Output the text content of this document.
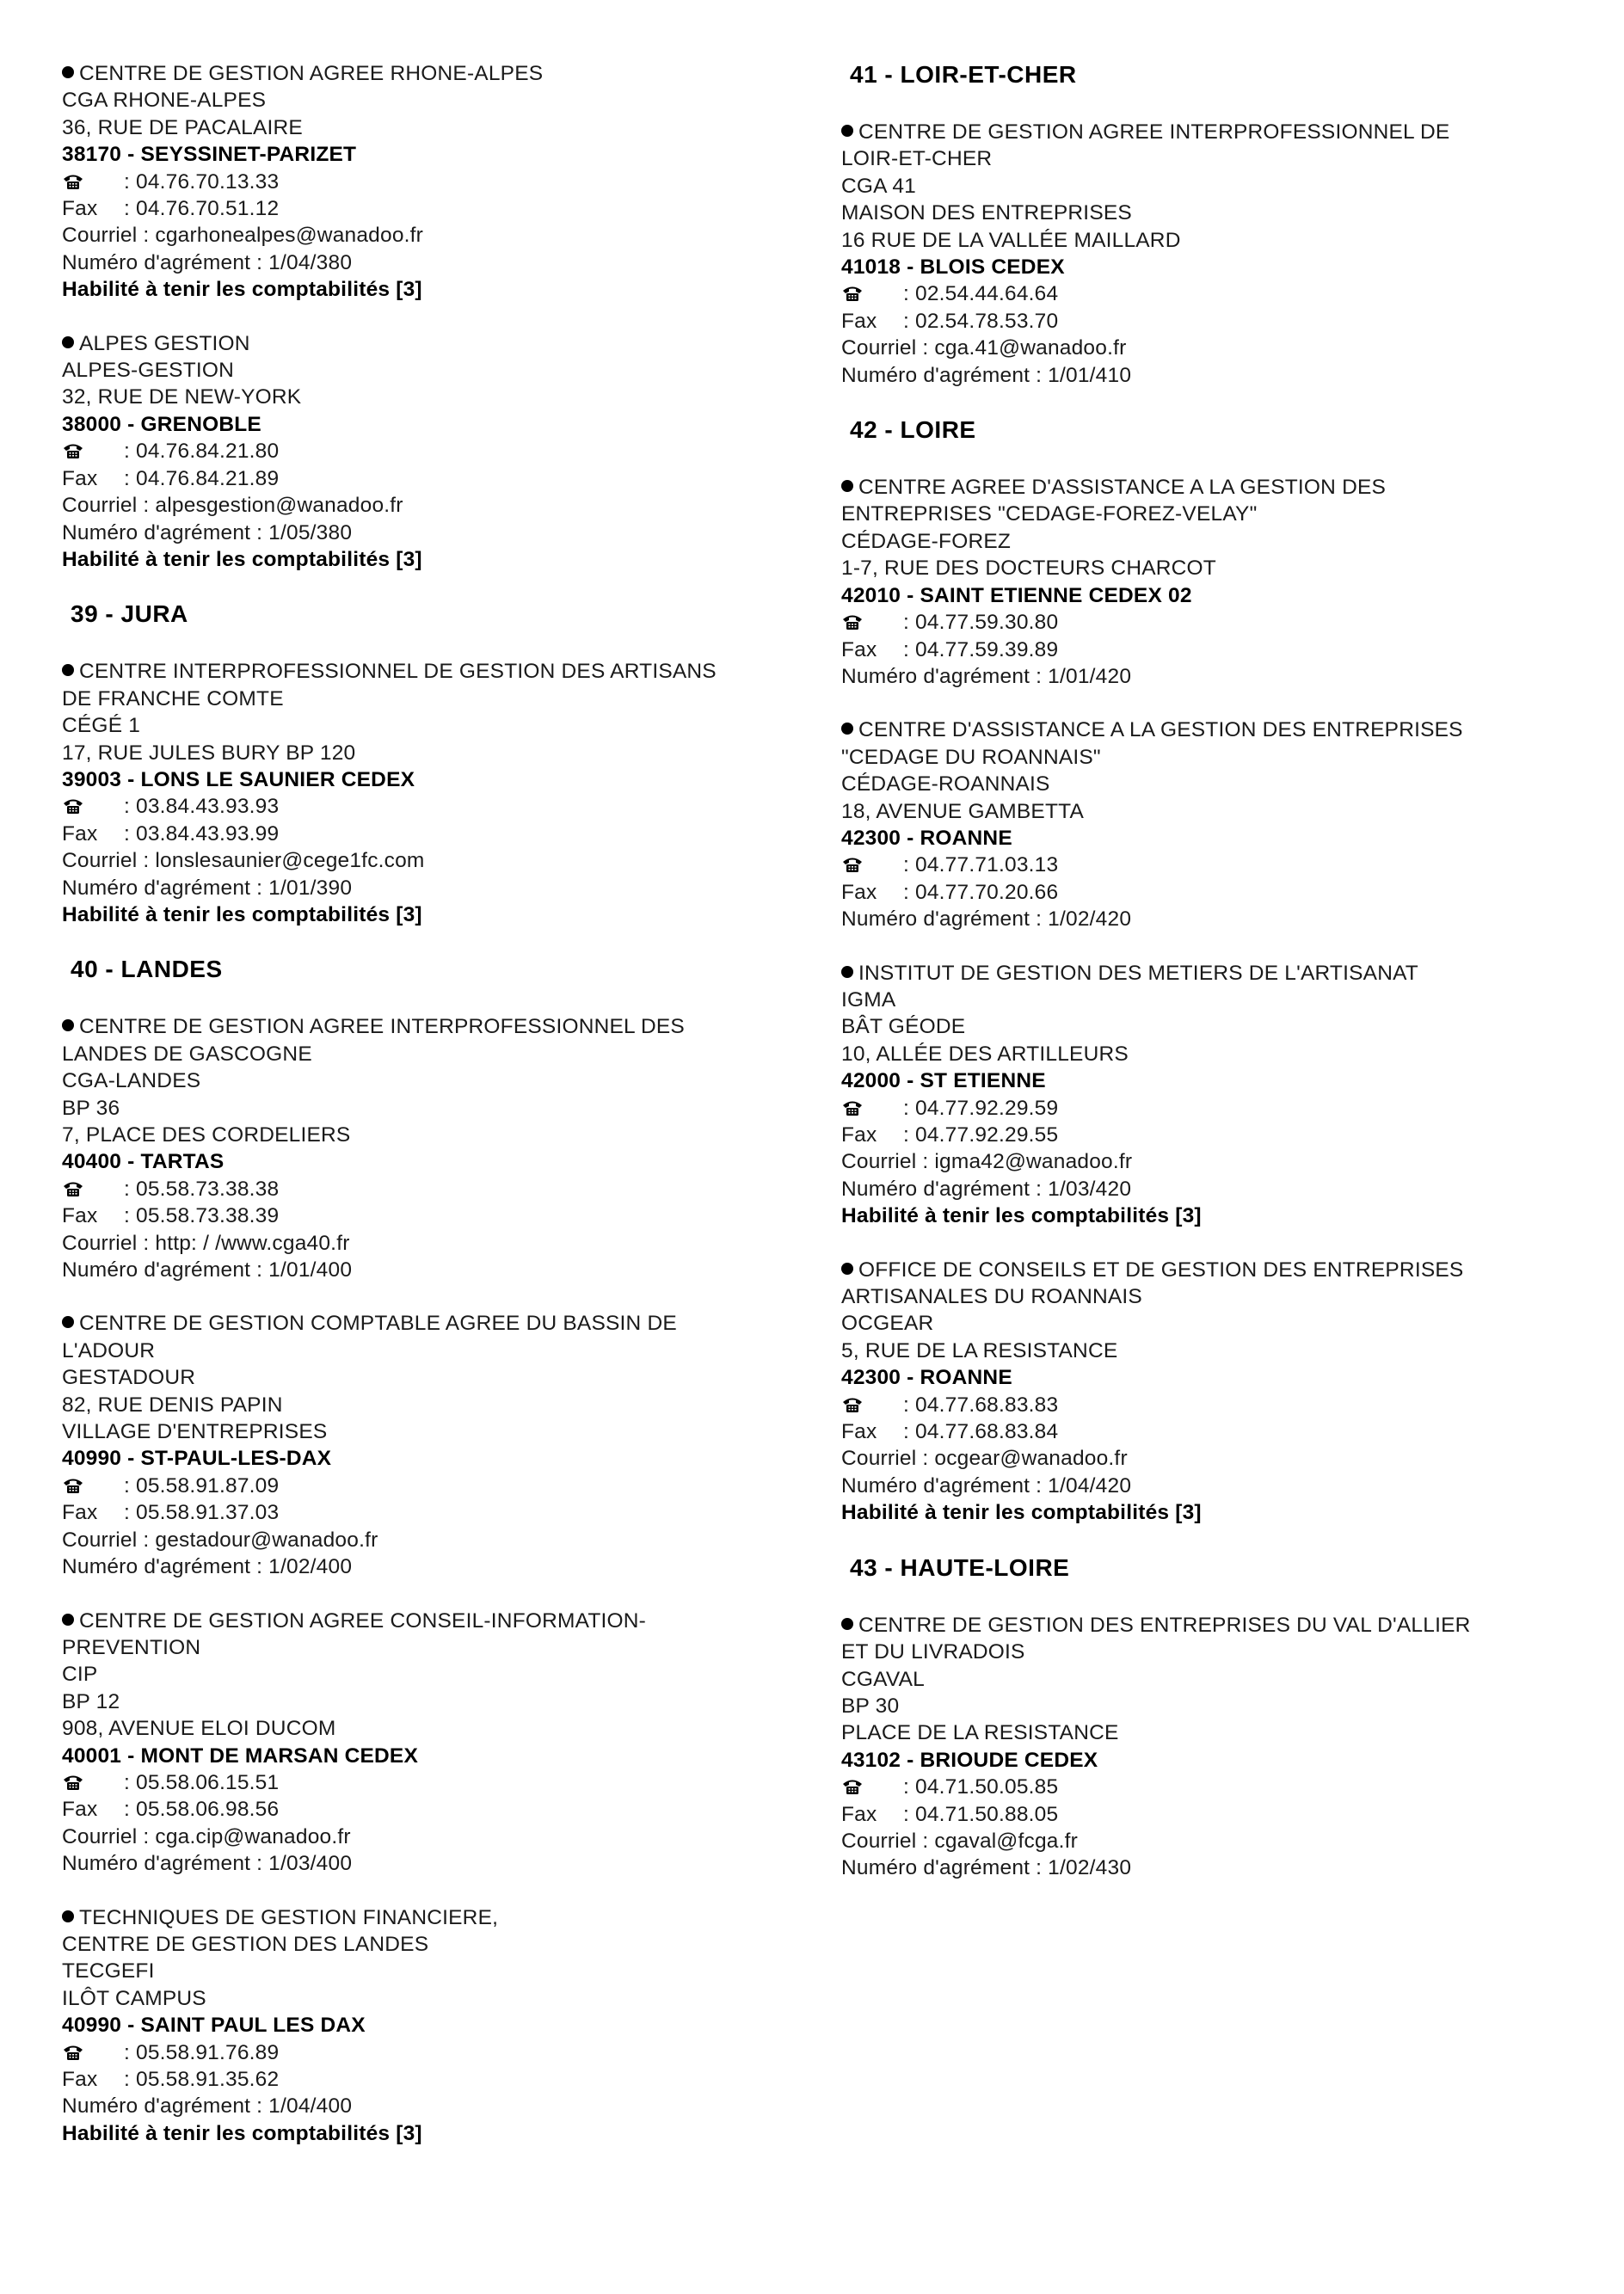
CENTRE DE GESTION AGREE RHONE-ALPES
CGA RHONE-ALPES
36, RUE DE PACALAIRE
38170 - SEYSSINET-PARIZET
: 04.76.70.13.33
Fax : 04.76.70.51.12
Courriel : cgarhonealpes@wanadoo.fr
Numéro d'agrément : 1/04/380
Habilité à tenir les comptabilités [3]
ALPES GESTION
ALPES-GESTION
32, RUE DE NEW-YORK
38000 - GRENOBLE
: 04.76.84.21.80
Fax : 04.76.84.21.89
Courriel : alpesgestion@wanadoo.fr
Numéro d'agrément : 1/05/380
Habilité à tenir les comptabilités [3]
39 - JURA
CENTRE INTERPROFESSIONNEL DE GESTION DES ARTISANS
DE FRANCHE COMTE
CÉGÉ 1
17, RUE JULES BURY BP 120
39003 - LONS LE SAUNIER CEDEX
: 03.84.43.93.93
Fax : 03.84.43.93.99
Courriel : lonslesaunier@cege1fc.com
Numéro d'agrément : 1/01/390
Habilité à tenir les comptabilités [3]
40 - LANDES
CENTRE DE GESTION AGREE INTERPROFESSIONNEL DES
LANDES DE GASCOGNE
CGA-LANDES
BP 36
7, PLACE DES CORDELIERS
40400 - TARTAS
: 05.58.73.38.38
Fax : 05.58.73.38.39
Courriel : http: / /www.cga40.fr
Numéro d'agrément : 1/01/400
CENTRE DE GESTION COMPTABLE AGREE DU BASSIN DE
L'ADOUR
GESTADOUR
82, RUE DENIS PAPIN
VILLAGE D'ENTREPRISES
40990 - ST-PAUL-LES-DAX
: 05.58.91.87.09
Fax : 05.58.91.37.03
Courriel : gestadour@wanadoo.fr
Numéro d'agrément : 1/02/400
CENTRE DE GESTION AGREE CONSEIL-INFORMATION-
PREVENTION
CIP
BP 12
908, AVENUE ELOI DUCOM
40001 - MONT DE MARSAN CEDEX
: 05.58.06.15.51
Fax : 05.58.06.98.56
Courriel : cga.cip@wanadoo.fr
Numéro d'agrément : 1/03/400
TECHNIQUES DE GESTION FINANCIERE,
CENTRE DE GESTION DES LANDES
TECGEFI
ILÔT CAMPUS
40990 - SAINT PAUL LES DAX
: 05.58.91.76.89
Fax : 05.58.91.35.62
Numéro d'agrément : 1/04/400
Habilité à tenir les comptabilités [3]
41 - LOIR-ET-CHER
CENTRE DE GESTION AGREE INTERPROFESSIONNEL DE
LOIR-ET-CHER
CGA 41
MAISON DES ENTREPRISES
16 RUE DE LA VALLÉE MAILLARD
41018 - BLOIS CEDEX
: 02.54.44.64.64
Fax : 02.54.78.53.70
Courriel : cga.41@wanadoo.fr
Numéro d'agrément : 1/01/410
42 - LOIRE
CENTRE AGREE D'ASSISTANCE A LA GESTION DES
ENTREPRISES "CEDAGE-FOREZ-VELAY"
CÉDAGE-FOREZ
1-7, RUE DES DOCTEURS CHARCOT
42010 - SAINT ETIENNE CEDEX 02
: 04.77.59.30.80
Fax : 04.77.59.39.89
Numéro d'agrément : 1/01/420
CENTRE D'ASSISTANCE A LA GESTION DES ENTREPRISES
"CEDAGE DU ROANNAIS"
CÉDAGE-ROANNAIS
18, AVENUE GAMBETTA
42300 - ROANNE
: 04.77.71.03.13
Fax : 04.77.70.20.66
Numéro d'agrément : 1/02/420
INSTITUT DE GESTION DES METIERS DE L'ARTISANAT
IGMA
BÂT GÉODE
10, ALLÉE DES ARTILLEURS
42000 - ST ETIENNE
: 04.77.92.29.59
Fax : 04.77.92.29.55
Courriel : igma42@wanadoo.fr
Numéro d'agrément : 1/03/420
Habilité à tenir les comptabilités [3]
OFFICE DE CONSEILS ET DE GESTION DES ENTREPRISES
ARTISANALES DU ROANNAIS
OCGEAR
5, RUE DE LA RESISTANCE
42300 - ROANNE
: 04.77.68.83.83
Fax : 04.77.68.83.84
Courriel : ocgear@wanadoo.fr
Numéro d'agrément : 1/04/420
Habilité à tenir les comptabilités [3]
43 - HAUTE-LOIRE
CENTRE DE GESTION DES ENTREPRISES DU VAL D'ALLIER
ET DU LIVRADOIS
CGAVAL
BP 30
PLACE DE LA RESISTANCE
43102 - BRIOUDE CEDEX
: 04.71.50.05.85
Fax : 04.71.50.88.05
Courriel : cgaval@fcga.fr
Numéro d'agrément : 1/02/430
